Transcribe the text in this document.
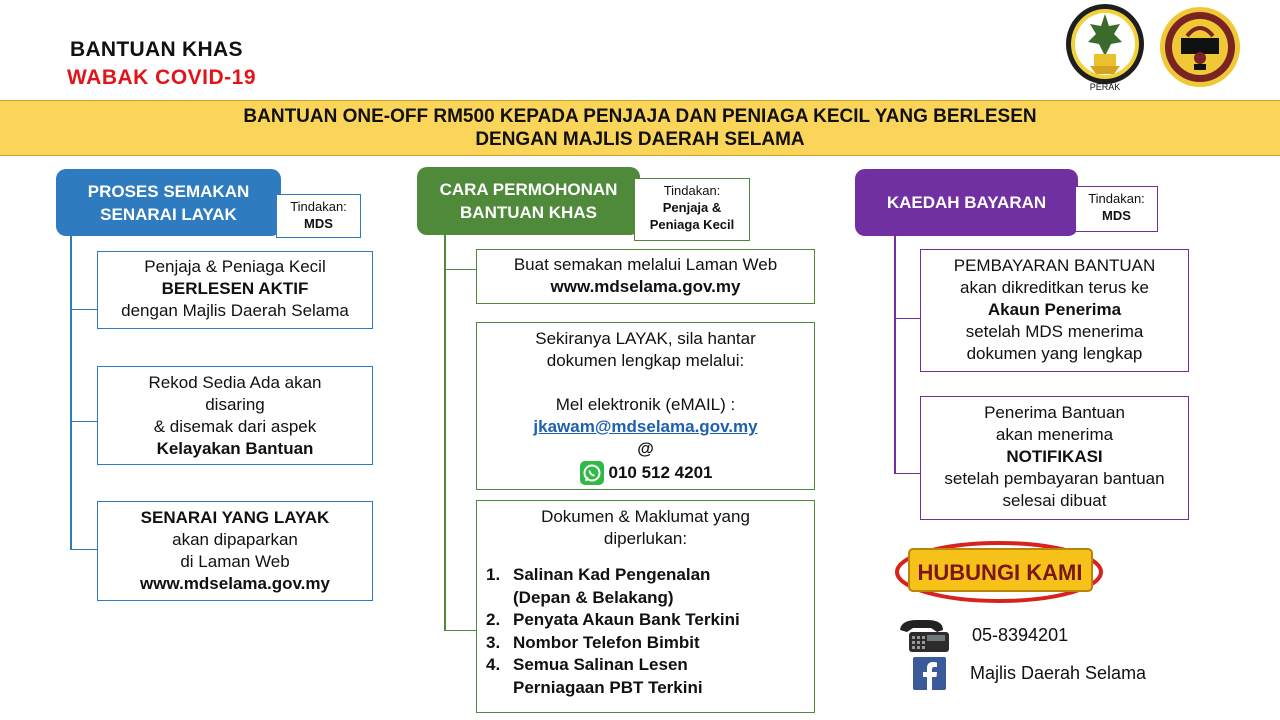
BANTUAN KHAS
WABAK COVID-19	PERAK
BANTUAN ONE-OFF RM500 KEPADA PENJAJA DAN PENIAGA KECIL YANG BERLESEN
DENGAN MAJLIS DAERAH SELAMA
PROSES SEMAKAN
SENARAI LAYAK	Tindakan:
MDS
Penjaja & Peniaga Kecil
BERLESEN AKTIF
dengan Majlis Daerah Selama
Rekod Sedia Ada akan
disaring
& disemak dari aspek
Kelayakan Bantuan
SENARAI YANG LAYAK
akan dipaparkan
di Laman Web
www.mdselama.gov.my
CARA PERMOHONAN
BANTUAN KHAS
Tindakan:
Penjaja &
Peniaga Kecil
Buat semakan melalui Laman Web
www.mdselama.gov.my
Sekiranya LAYAK, sila hantar
dokumen lengkap melalui:
Mel elektronik (eMAIL) :
jkawam@mdselama.gov.my
@
010 512 4201
Dokumen & Maklumat yang
diperlukan:
1. Salinan Kad Pengenalan
(Depan & Belakang)
2. Penyata Akaun Bank Terkini
3. Nombor Telefon Bimbit
4. Semua Salinan Lesen
Perniagaan PBT Terkini
KAEDAH BAYARAN	Tindakan:
MDS
PEMBAYARAN BANTUAN
akan dikreditkan terus ke
Akaun Penerima
setelah MDS menerima
dokumen yang lengkap
Penerima Bantuan
akan menerima
NOTIFIKASI
setelah pembayaran bantuan
selesai dibuat
HUBUNGI KAMI
05-8394201
Majlis Daerah Selama
